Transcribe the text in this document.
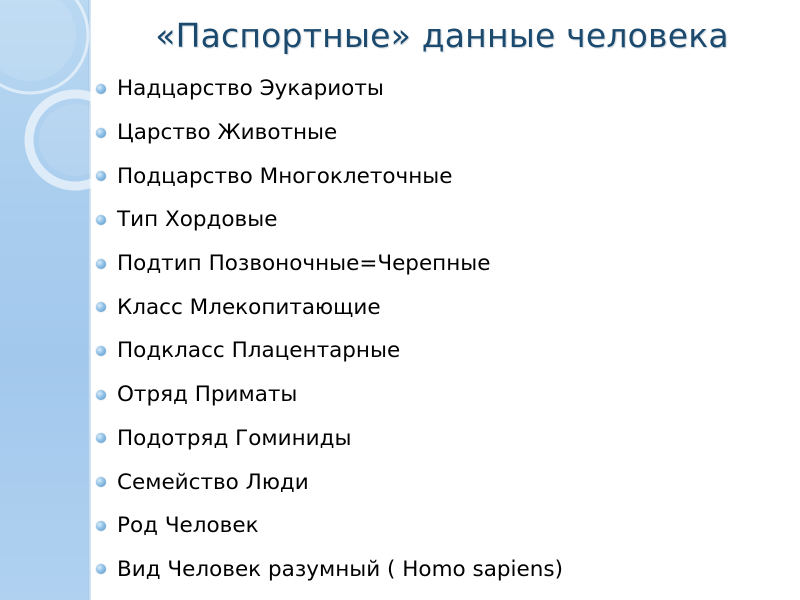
«Паспортные» данные человека
Надцарство Эукариоты
Царство Животные
Подцарство Многоклеточные
Тип Хордовые
Подтип Позвоночные=Черепные
Класс Млекопитающие
Подкласс Плацентарные
Отряд Приматы
Подотряд Гоминиды
Семейство Люди
Род Человек
Вид Человек разумный ( Homo sapiens)
